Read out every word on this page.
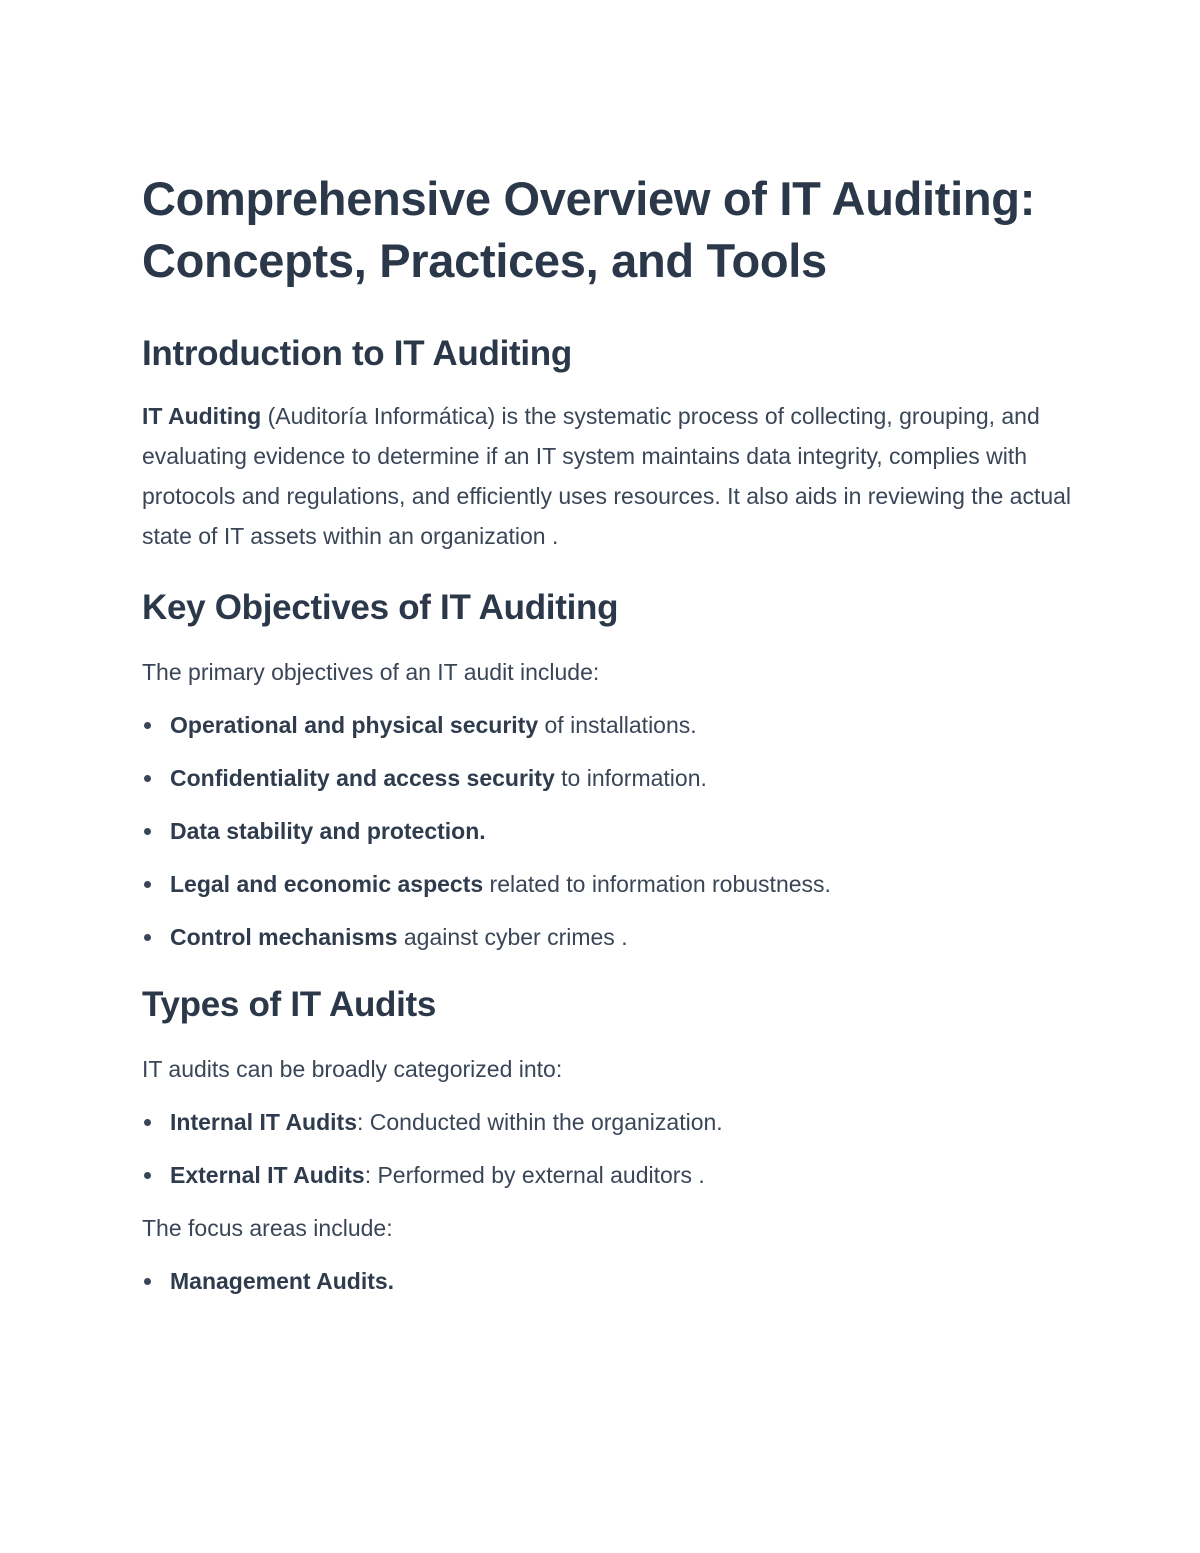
Comprehensive Overview of IT Auditing: Concepts, Practices, and Tools
Introduction to IT Auditing

IT Auditing (Auditoría Informática) is the systematic process of collecting, grouping, and evaluating evidence to determine if an IT system maintains data integrity, complies with protocols and regulations, and efficiently uses resources. It also aids in reviewing the actual state of IT assets within an organization .

Key Objectives of IT Auditing

The primary objectives of an IT audit include:

Operational and physical security of installations.
Confidentiality and access security to information.
Data stability and protection.
Legal and economic aspects related to information robustness.
Control mechanisms against cyber crimes .
Types of IT Audits

IT audits can be broadly categorized into:

Internal IT Audits: Conducted within the organization.
External IT Audits: Performed by external auditors .

The focus areas include:

Management Audits.
